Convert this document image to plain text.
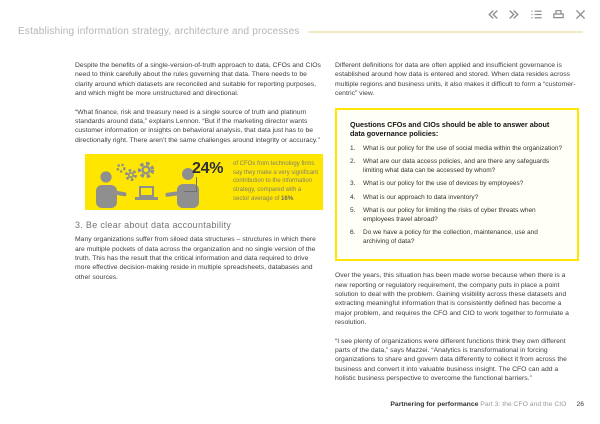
Establishing information strategy, architecture and processes

Despite the benefits of a single-version-of-truth approach to data, CFOs and CIOs need to think carefully about the rules governing that data. There needs to be clarity around which datasets are reconciled and suitable for reporting purposes, and which might be more unstructured and directional.

“What finance, risk and treasury need is a single source of truth and platinum standards around data,” explains Lennon. “But if the marketing director wants customer information or insights on behavioral analysis, that data just has to be directionally right. There aren’t the same challenges around integrity or accuracy.”

24% of CFOs from technology firms say they make a very significant contribution to the information strategy, compared with a sector average of 16%.
3. Be clear about data accountability

Many organizations suffer from siloed data structures – structures in which there are multiple pockets of data across the organization and no single version of the truth. This has the result that the critical information and data required to drive more effective decision-making reside in multiple spreadsheets, databases and other sources.

Different definitions for data are often applied and insufficient governance is established around how data is entered and stored. When data resides across multiple regions and business units, it also makes it difficult to form a “customer-centric” view.

Questions CFOs and CIOs should be able to answer about data governance policies:
1.	What is our policy for the use of social media within the organization?
2.	What are our data access policies, and are there any safeguards limiting what data can be accessed by whom?
3.	What is our policy for the use of devices by employees?
4.	What is our approach to data inventory?
5.	What is our policy for limiting the risks of cyber threats when employees travel abroad?
6.	Do we have a policy for the collection, maintenance, use and archiving of data?

Over the years, this situation has been made worse because when there is a new reporting or regulatory requirement, the company puts in place a point solution to deal with the problem. Gaining visibility across these datasets and extracting meaningful information that is consistently defined has become a major problem, and requires the CFO and CIO to work together to formulate a resolution.

“I see plenty of organizations were different functions think they own different parts of the data,” says Mazzei. “Analytics is transformational in forcing organizations to share and govern data differently to collect it from across the business and convert it into valuable business insight. The CFO can add a holistic business perspective to overcome the functional barriers.”

Partnering for performance Part 3: the CFO and the CIO 26
